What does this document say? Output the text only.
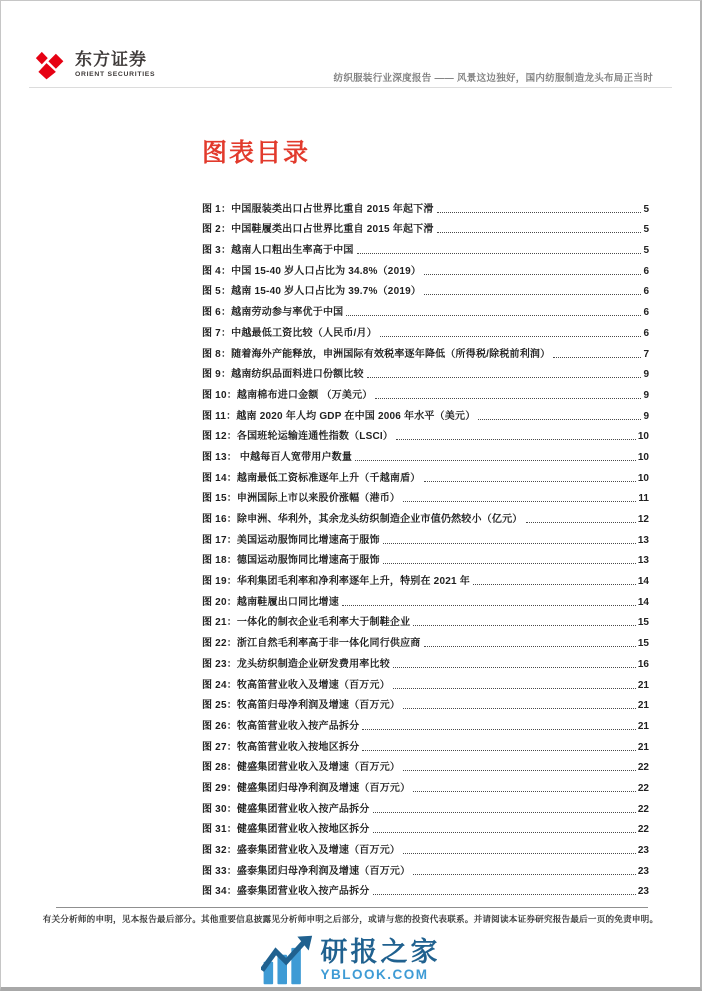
东方证券
ORIENT SECURITIES	纺织服装行业深度报告 —— 风景这边独好，国内纺服制造龙头布局正当时
图表目录
图 1：中国服装类出口占世界比重自 2015 年起下滑	5
图 2：中国鞋履类出口占世界比重自 2015 年起下滑	5
图 3：越南人口粗出生率高于中国	5
图 4：中国 15-40 岁人口占比为 34.8%（2019）	6
图 5：越南 15-40 岁人口占比为 39.7%（2019）	6
图 6：越南劳动参与率优于中国	6
图 7：中越最低工资比较（人民币/月）	6
图 8：随着海外产能释放，申洲国际有效税率逐年降低（所得税/除税前利润）	7
图 9：越南纺织品面料进口份额比较	9
图 10：越南棉布进口金额 （万美元）	9
图 11：越南 2020 年人均 GDP 在中国 2006 年水平（美元）	9
图 12：各国班轮运输连通性指数（LSCI）	10
图 13： 中越每百人宽带用户数量	10
图 14：越南最低工资标准逐年上升（千越南盾）	10
图 15：申洲国际上市以来股价涨幅（港币）	11
图 16：除申洲、华利外，其余龙头纺织制造企业市值仍然较小（亿元）	12
图 17：美国运动服饰同比增速高于服饰	13
图 18：德国运动服饰同比增速高于服饰	13
图 19：华利集团毛利率和净利率逐年上升，特别在 2021 年	14
图 20：越南鞋履出口同比增速	14
图 21：一体化的制衣企业毛利率大于制鞋企业	15
图 22：浙江自然毛利率高于非一体化同行供应商	15
图 23：龙头纺织制造企业研发费用率比较	16
图 24：牧高笛营业收入及增速（百万元）	21
图 25：牧高笛归母净利润及增速（百万元）	21
图 26：牧高笛营业收入按产品拆分	21
图 27：牧高笛营业收入按地区拆分	21
图 28：健盛集团营业收入及增速（百万元）	22
图 29：健盛集团归母净利润及增速（百万元）	22
图 30：健盛集团营业收入按产品拆分	22
图 31：健盛集团营业收入按地区拆分	22
图 32：盛泰集团营业收入及增速（百万元）	23
图 33：盛泰集团归母净利润及增速（百万元）	23
图 34：盛泰集团营业收入按产品拆分	23
有关分析师的申明，见本报告最后部分。其他重要信息披露见分析师申明之后部分，或请与您的投资代表联系。并请阅读本证券研究报告最后一页的免责申明。
研报之家
YBLOOK.COM
